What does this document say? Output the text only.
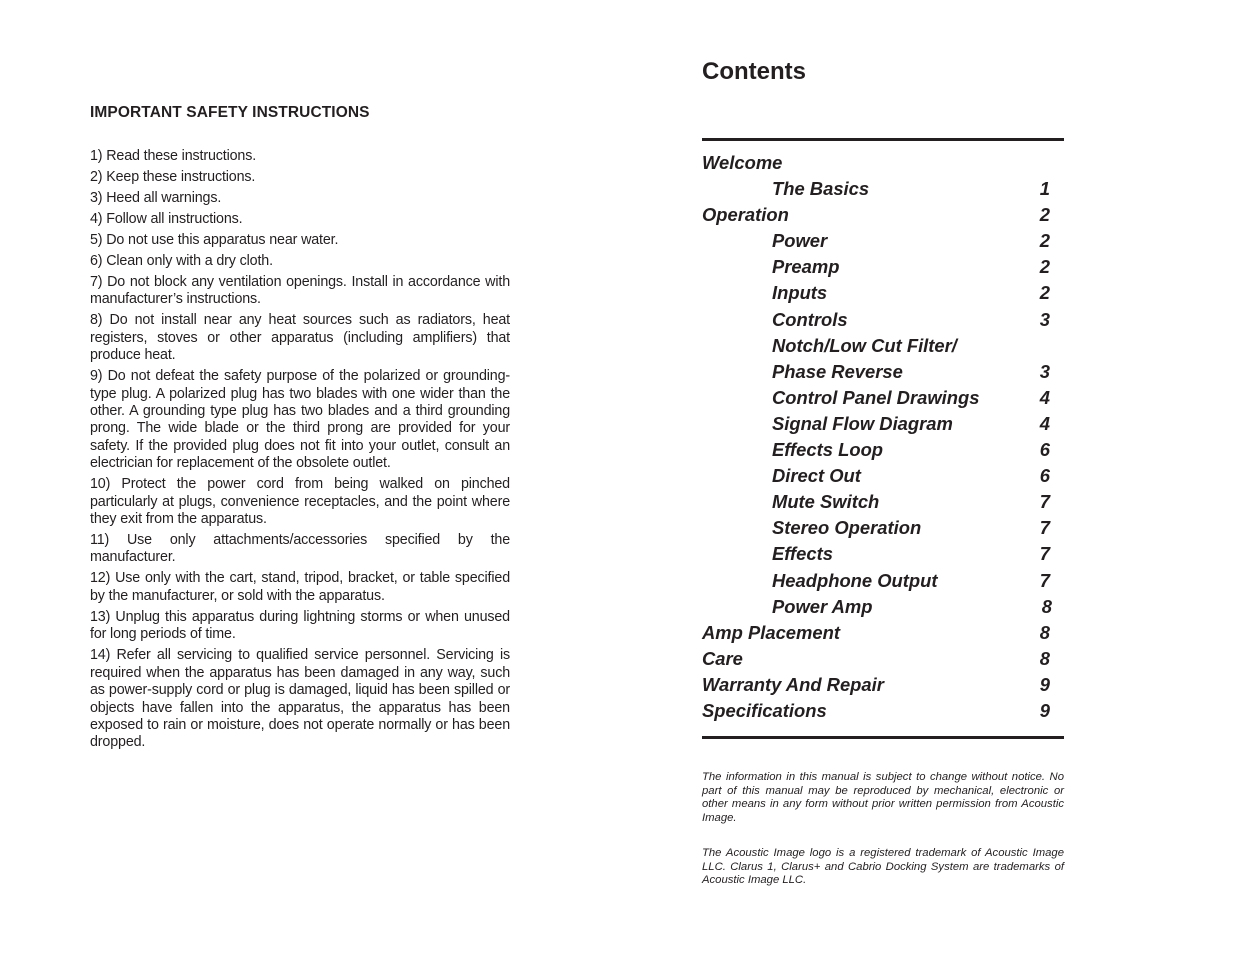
IMPORTANT SAFETY INSTRUCTIONS

1) Read these instructions.

2) Keep these instructions.

3) Heed all warnings.

4) Follow all instructions.

5) Do not use this apparatus near water.

6) Clean only with a dry cloth.

7) Do not block any ventilation openings. Install in accordance with manufacturer’s instructions.

8) Do not install near any heat sources such as radiators, heat registers, stoves or other apparatus (including amplifiers) that produce heat.

9) Do not defeat the safety purpose of the polarized or grounding-type plug. A polarized plug has two blades with one wider than the other. A grounding type plug has two blades and a third grounding prong. The wide blade or the third prong are provided for your safety. If the provided plug does not fit into your outlet, consult an electrician for replacement of the obsolete outlet.

10) Protect the power cord from being walked on pinched particularly at plugs, convenience receptacles, and the point where they exit from the apparatus.

11) Use only attachments/accessories specified by the manufacturer.

12) Use only with the cart, stand, tripod, bracket, or table specified by the manufacturer, or sold with the apparatus.

13) Unplug this apparatus during lightning storms or when unused for long periods of time.

14) Refer all servicing to qualified service personnel. Servicing is required when the apparatus has been damaged in any way, such as power-supply cord or plug is damaged, liquid has been spilled or objects have fallen into the apparatus, the apparatus has been exposed to rain or moisture, does not operate normally or has been dropped.

Contents
Welcome
The Basics	1
Operation	2
Power	2
Preamp	2
Inputs	2
Controls	3
Notch/Low Cut Filter/
Phase Reverse	3
Control Panel Drawings	4
Signal Flow Diagram	4
Effects Loop	6
Direct Out	6
Mute Switch	7
Stereo Operation	7
Effects	7
Headphone Output	7
Power Amp	8
Amp Placement	8
Care	8
Warranty And Repair	9
Specifications	9

The information in this manual is subject to change without notice. No part of this manual may be reproduced by mechanical, electronic or other means in any form without prior written permission from Acoustic Image.

The Acoustic Image logo is a registered trademark of Acoustic Image LLC. Clarus 1, Clarus+ and Cabrio Docking System are trademarks of Acoustic Image LLC.
